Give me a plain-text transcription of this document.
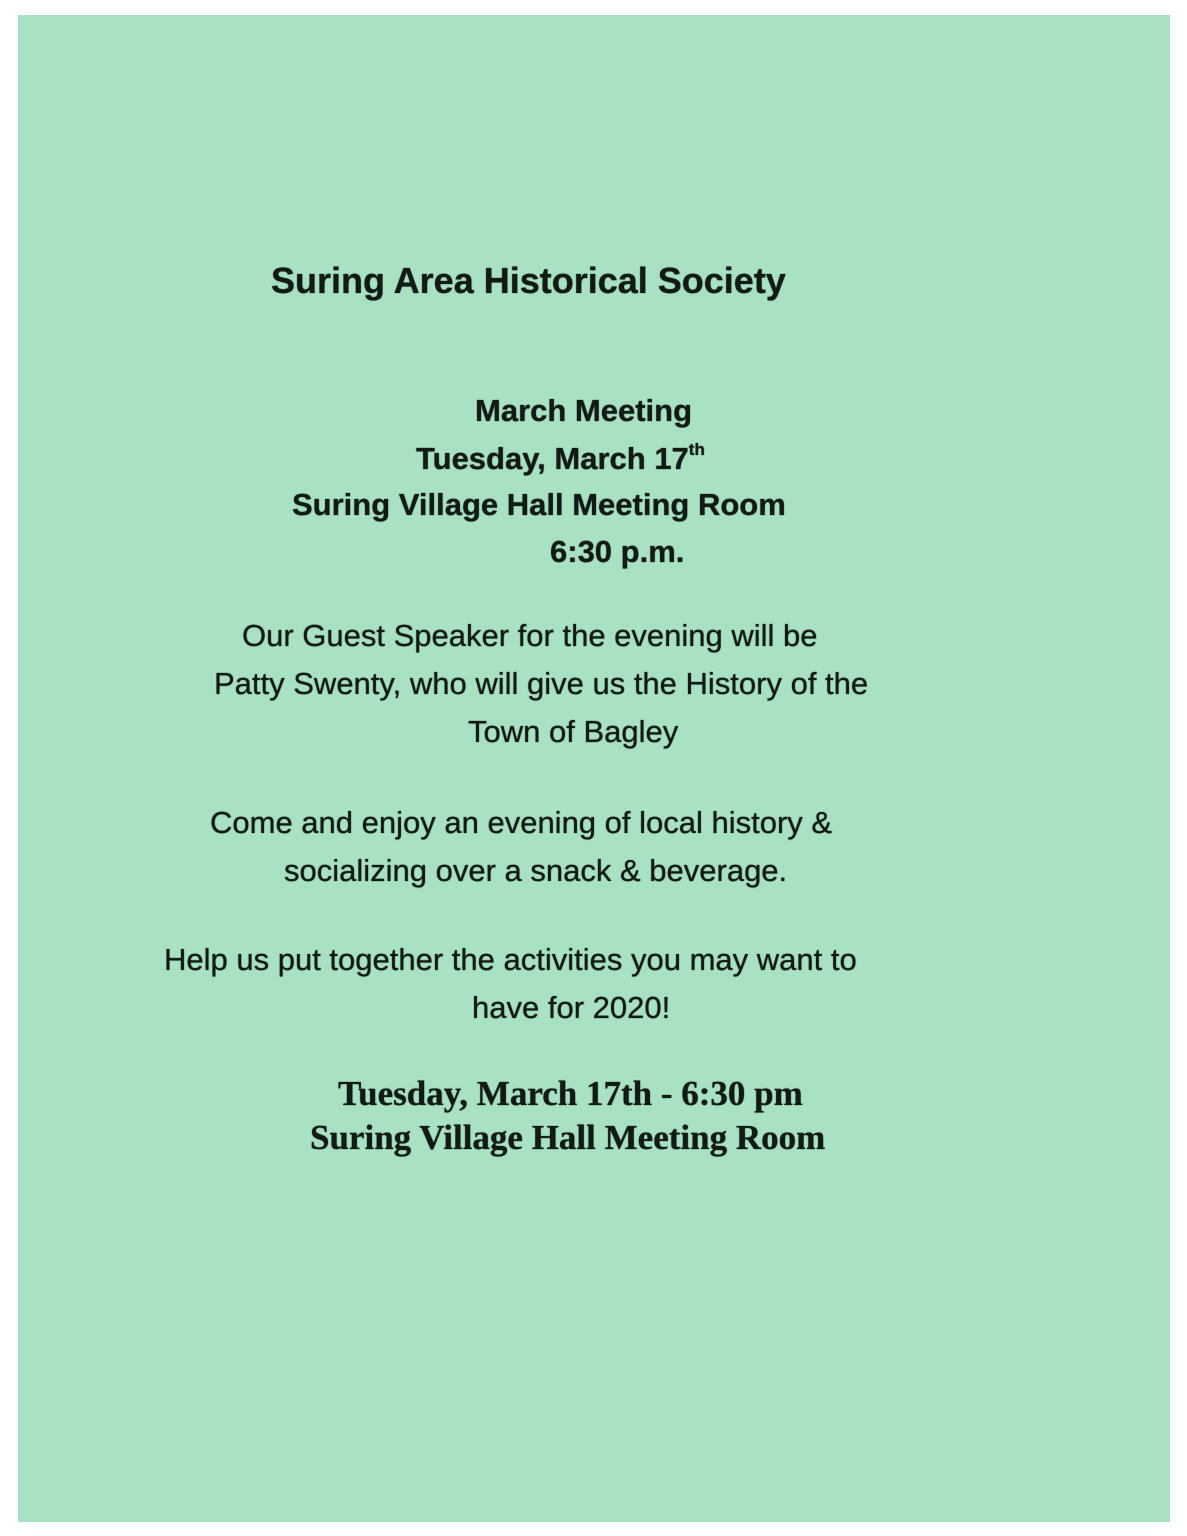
Suring Area Historical Society
March Meeting
Tuesday, March 17th
Suring Village Hall Meeting Room
6:30 p.m.
Our Guest Speaker for the evening will be
Patty Swenty, who will give us the History of the
Town of Bagley
Come and enjoy an evening of local history &
socializing over a snack & beverage.
Help us put together the activities you may want to
have for 2020!
Tuesday, March 17th - 6:30 pm
Suring Village Hall Meeting Room
